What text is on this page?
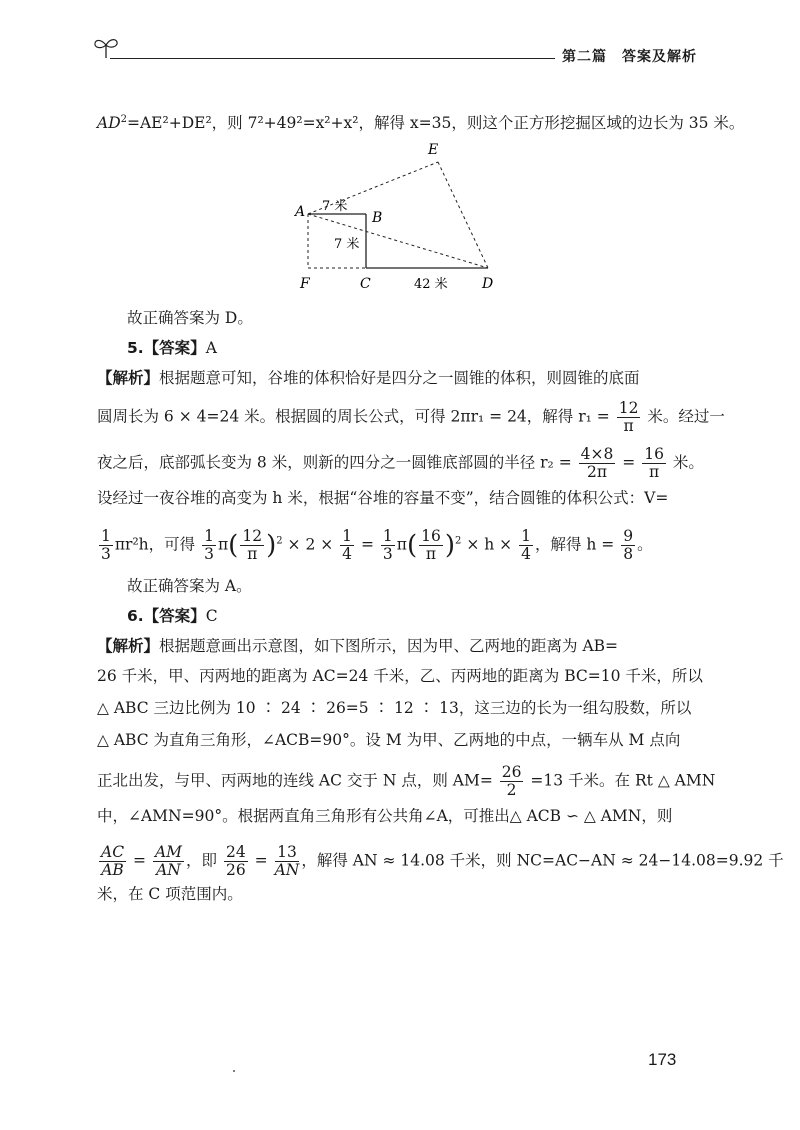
第二篇　答案及解析
$AD^2=AE^2+DE^2$，则 7²+49²=x²+x²，解得 x=35，则这个正方形挖掘区域的边长为 35 米。
E
A	B
F	C	D
7 米
7 米
42 米
故正确答案为 D。
5.【答案】A
【解析】根据题意可知，谷堆的体积恰好是四分之一圆锥的体积，则圆锥的底面
圆周长为 6 × 4=24 米。根据圆的周长公式，可得 2πr₁ = 24，解得 $r_1 = \frac{12}{\pi}$ 米。经过一
夜之后，底部弧长变为 8 米，则新的四分之一圆锥底部圆的半径 $r_2 = \frac{4\times 8}{2\pi} = \frac{16}{\pi}$ 米。
设经过一夜谷堆的高变为 h 米，根据“谷堆的容量不变”，结合圆锥的体积公式：V=
$\frac{1}{3} \pi r^2h$，可得 $\frac{1}{3} \pi( \frac{12}{\pi} )^2 \times 2 \times \frac{1}{4} = \frac{1}{3} \pi( \frac{16}{\pi} )^2 \times h \times \frac{1}{4}$ ，解得 $h = \frac{9}{8}$ 。
故正确答案为 A。
6.【答案】C
【解析】根据题意画出示意图，如下图所示，因为甲、乙两地的距离为 AB=
26 千米，甲、丙两地的距离为 AC=24 千米，乙、丙两地的距离为 BC=10 千米，所以
△ ABC 三边比例为 10 ∶ 24 ∶ 26=5 ∶ 12 ∶ 13，这三边的长为一组勾股数，所以
△ ABC 为直角三角形，∠ACB=90°。设 M 为甲、乙两地的中点，一辆车从 M 点向
正北出发，与甲、丙两地的连线 AC 交于 N 点，则 $AM= \frac{26}{2} =13$ 千米。在 Rt △ AMN
中，∠AMN=90°。根据两直角三角形有公共角∠A，可推出△ ACB ∽ △ AMN，则
$\frac{AC}{AB} = \frac{AM}{AN}$ ，即 $\frac{24}{26} = \frac{13}{AN}$ ，解得 AN ≈ 14.08 千米，则 NC=AC−AN ≈ 24−14.08=9.92 千
米，在 C 项范围内。
173
